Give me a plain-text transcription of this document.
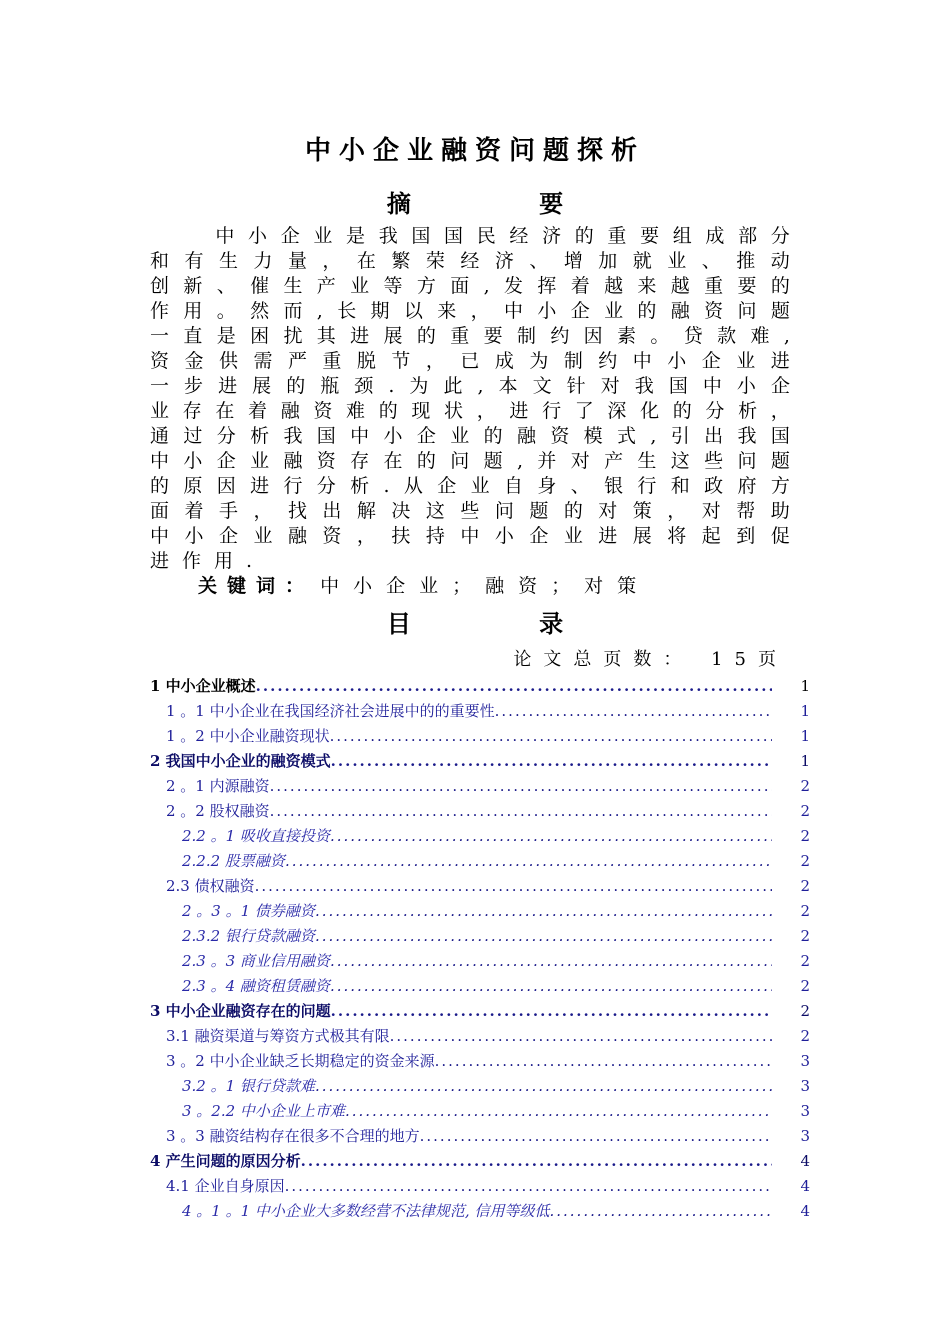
中小企业融资问题探析
摘 要

中 小 企 业 是 我 国 国 民 经 济 的 重 要 组 成 部 分
和 有 生 力 量 ， 在 繁 荣 经 济 、 增 加 就 业 、 推 动
创 新 、 催 生 产 业 等 方 面 , 发 挥 着 越 来 越 重 要 的
作 用 。 然 而 , 长 期 以 来 ， 中 小 企 业 的 融 资 问 题
一 直 是 困 扰 其 进 展 的 重 要 制 约 因 素 。 贷 款 难 ,
资 金 供 需 严 重 脱 节 ， 已 成 为 制 约 中 小 企 业 进
一 步 进 展 的 瓶 颈 . 为 此 , 本 文 针 对 我 国 中 小 企
业 存 在 着 融 资 难 的 现 状 ， 进 行 了 深 化 的 分 析 ，
通 过 分 析 我 国 中 小 企 业 的 融 资 模 式 , 引 出 我 国
中 小 企 业 融 资 存 在 的 问 题 , 并 对 产 生 这 些 问 题
的 原 因 进 行 分 析 . 从 企 业 自 身 、 银 行 和 政 府 方
面 着 手 ， 找 出 解 决 这 些 问 题 的 对 策 ， 对 帮 助
中 小 企 业 融 资 ， 扶 持 中 小 企 业 进 展 将 起 到 促
进 作 用 .
关键词： 中小企业；融资；对策
目 录
论文总页数： 15页
1 中小企业概述 .....	1
1 。1 中小企业在我国经济社会进展中的的重要性 .....	1
1 。2 中小企业融资现状 .....	1
2 我国中小企业的融资模式 .....	1
2 。1 内源融资 .....	2
2 。2 股权融资 .....	2
2.2 。1 吸收直接投资 .....	2
2.2.2 股票融资 .....	2
2.3 债权融资 .....	2
2 。3 。1 债券融资 .....	2
2.3.2 银行贷款融资 .....	2
2.3 。3 商业信用融资 .....	2
2.3 。4 融资租赁融资 .....	2
3 中小企业融资存在的问题 .....	2
3.1 融资渠道与筹资方式极其有限 .....	2
3 。2 中小企业缺乏长期稳定的资金来源 .....	3
3.2 。1 银行贷款难 .....	3
3 。2.2 中小企业上市难 .....	3
3 。3 融资结构存在很多不合理的地方 .....	3
4 产生问题的原因分析 .....	4
4.1 企业自身原因 .....	4
4 。1 。1 中小企业大多数经营不法律规范, 信用等级低 .....	4
